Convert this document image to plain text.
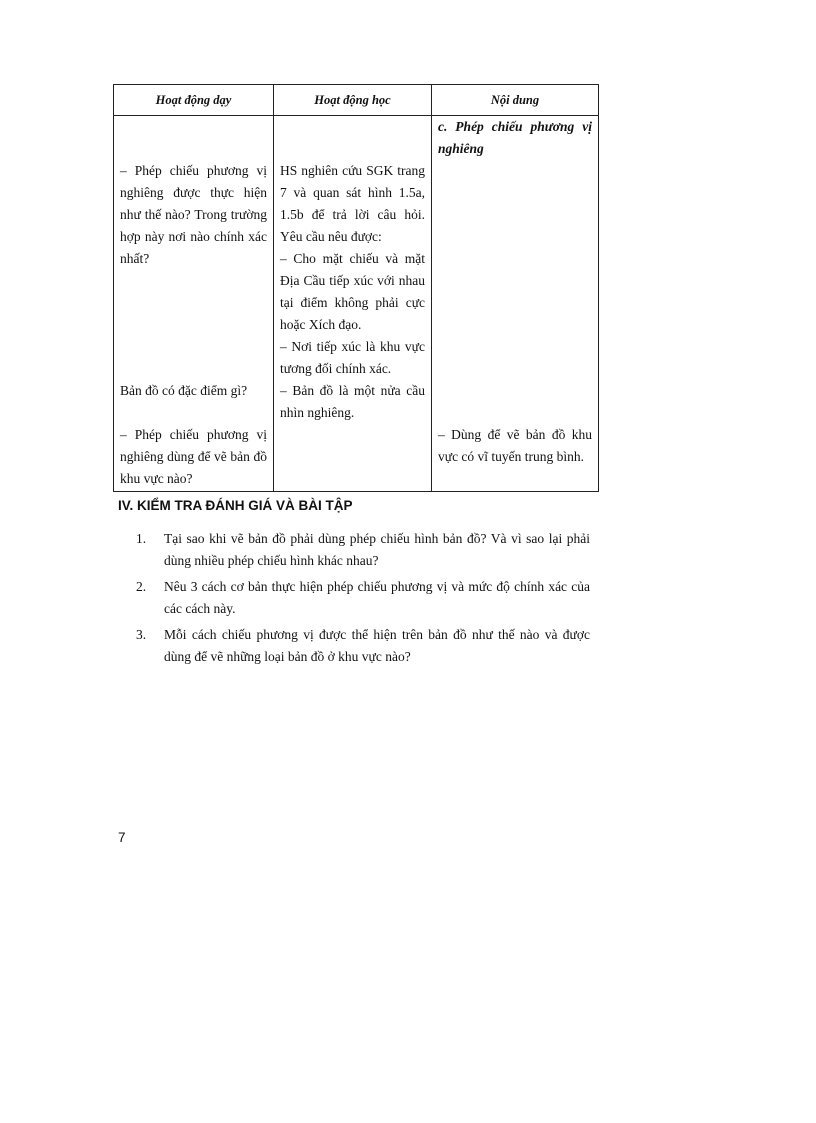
Hoạt động dạy	Hoạt động học	Nội dung

		c. Phép chiếu phương vị nghiêng

– Phép chiếu phương vị nghiêng được thực hiện như thế nào? Trong trường hợp này nơi nào chính xác nhất?	HS nghiên cứu SGK trang 7 và quan sát hình 1.5a, 1.5b để trả lời câu hỏi. Yêu cầu nêu được:

– Cho mặt chiếu và mặt Địa Cầu tiếp xúc với nhau tại điểm không phải cực hoặc Xích đạo.

– Nơi tiếp xúc là khu vực tương đối chính xác.	

Bản đồ có đặc điểm gì?	– Bản đồ là một nửa cầu nhìn nghiêng.	

– Phép chiếu phương vị nghiêng dùng để vẽ bản đồ khu vực nào?		– Dùng để vẽ bản đồ khu vực có vĩ tuyến trung bình.

IV. KIỂM TRA ĐÁNH GIÁ VÀ BÀI TẬP
1.	Tại sao khi vẽ bản đồ phải dùng phép chiếu hình bản đồ? Và vì sao lại phải dùng nhiều phép chiếu hình khác nhau?
2.	Nêu 3 cách cơ bản thực hiện phép chiếu phương vị và mức độ chính xác của các cách này.
3.	Mỗi cách chiếu phương vị được thể hiện trên bản đồ như thế nào và được dùng để vẽ những loại bản đồ ở khu vực nào?
7
